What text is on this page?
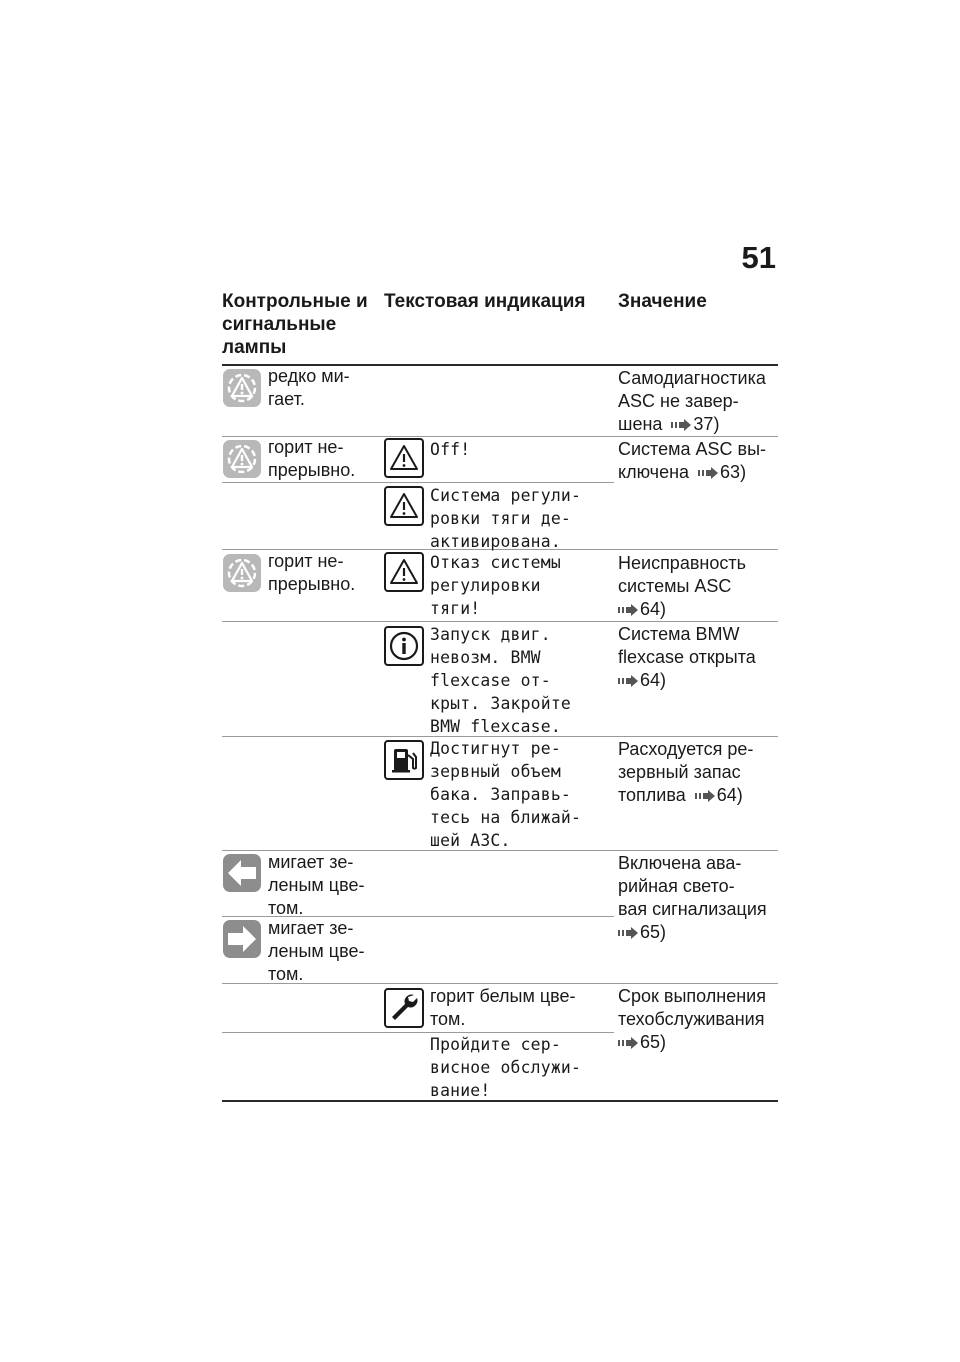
51
Контрольные и сигнальные лампы
Текстовая индикация	Значение
редко ми-
гает.
Самодиагностика ASC не завер-
шена 37)
горит не-
прерывно.
Off!
Система регули-
ровки тяги де-
активирована.
Система ASC вы-
ключена 63)
горит не-
прерывно.
Отказ системы
регулировки
тяги!
Неисправность
системы ASC
64)
Запуск двиг.
невозм. BMW
flexcase от-
крыт. Закройте
BMW flexcase.
Система BMW
flexcase открыта
64)
Достигнут ре-
зервный объем
бака. Заправь-
тесь на ближай-
шей АЗС.
Расходуется ре-
зервный запас
топлива 64)
мигает зе-
леным цве-
том.
мигает зе-
леным цве-
том.
Включена ава-
рийная свето-
вая сигнализация
65)
горит белым цве-
том.
Пройдите сер-
висное обслужи-
вание!
Срок выполнения
техобслуживания
65)
